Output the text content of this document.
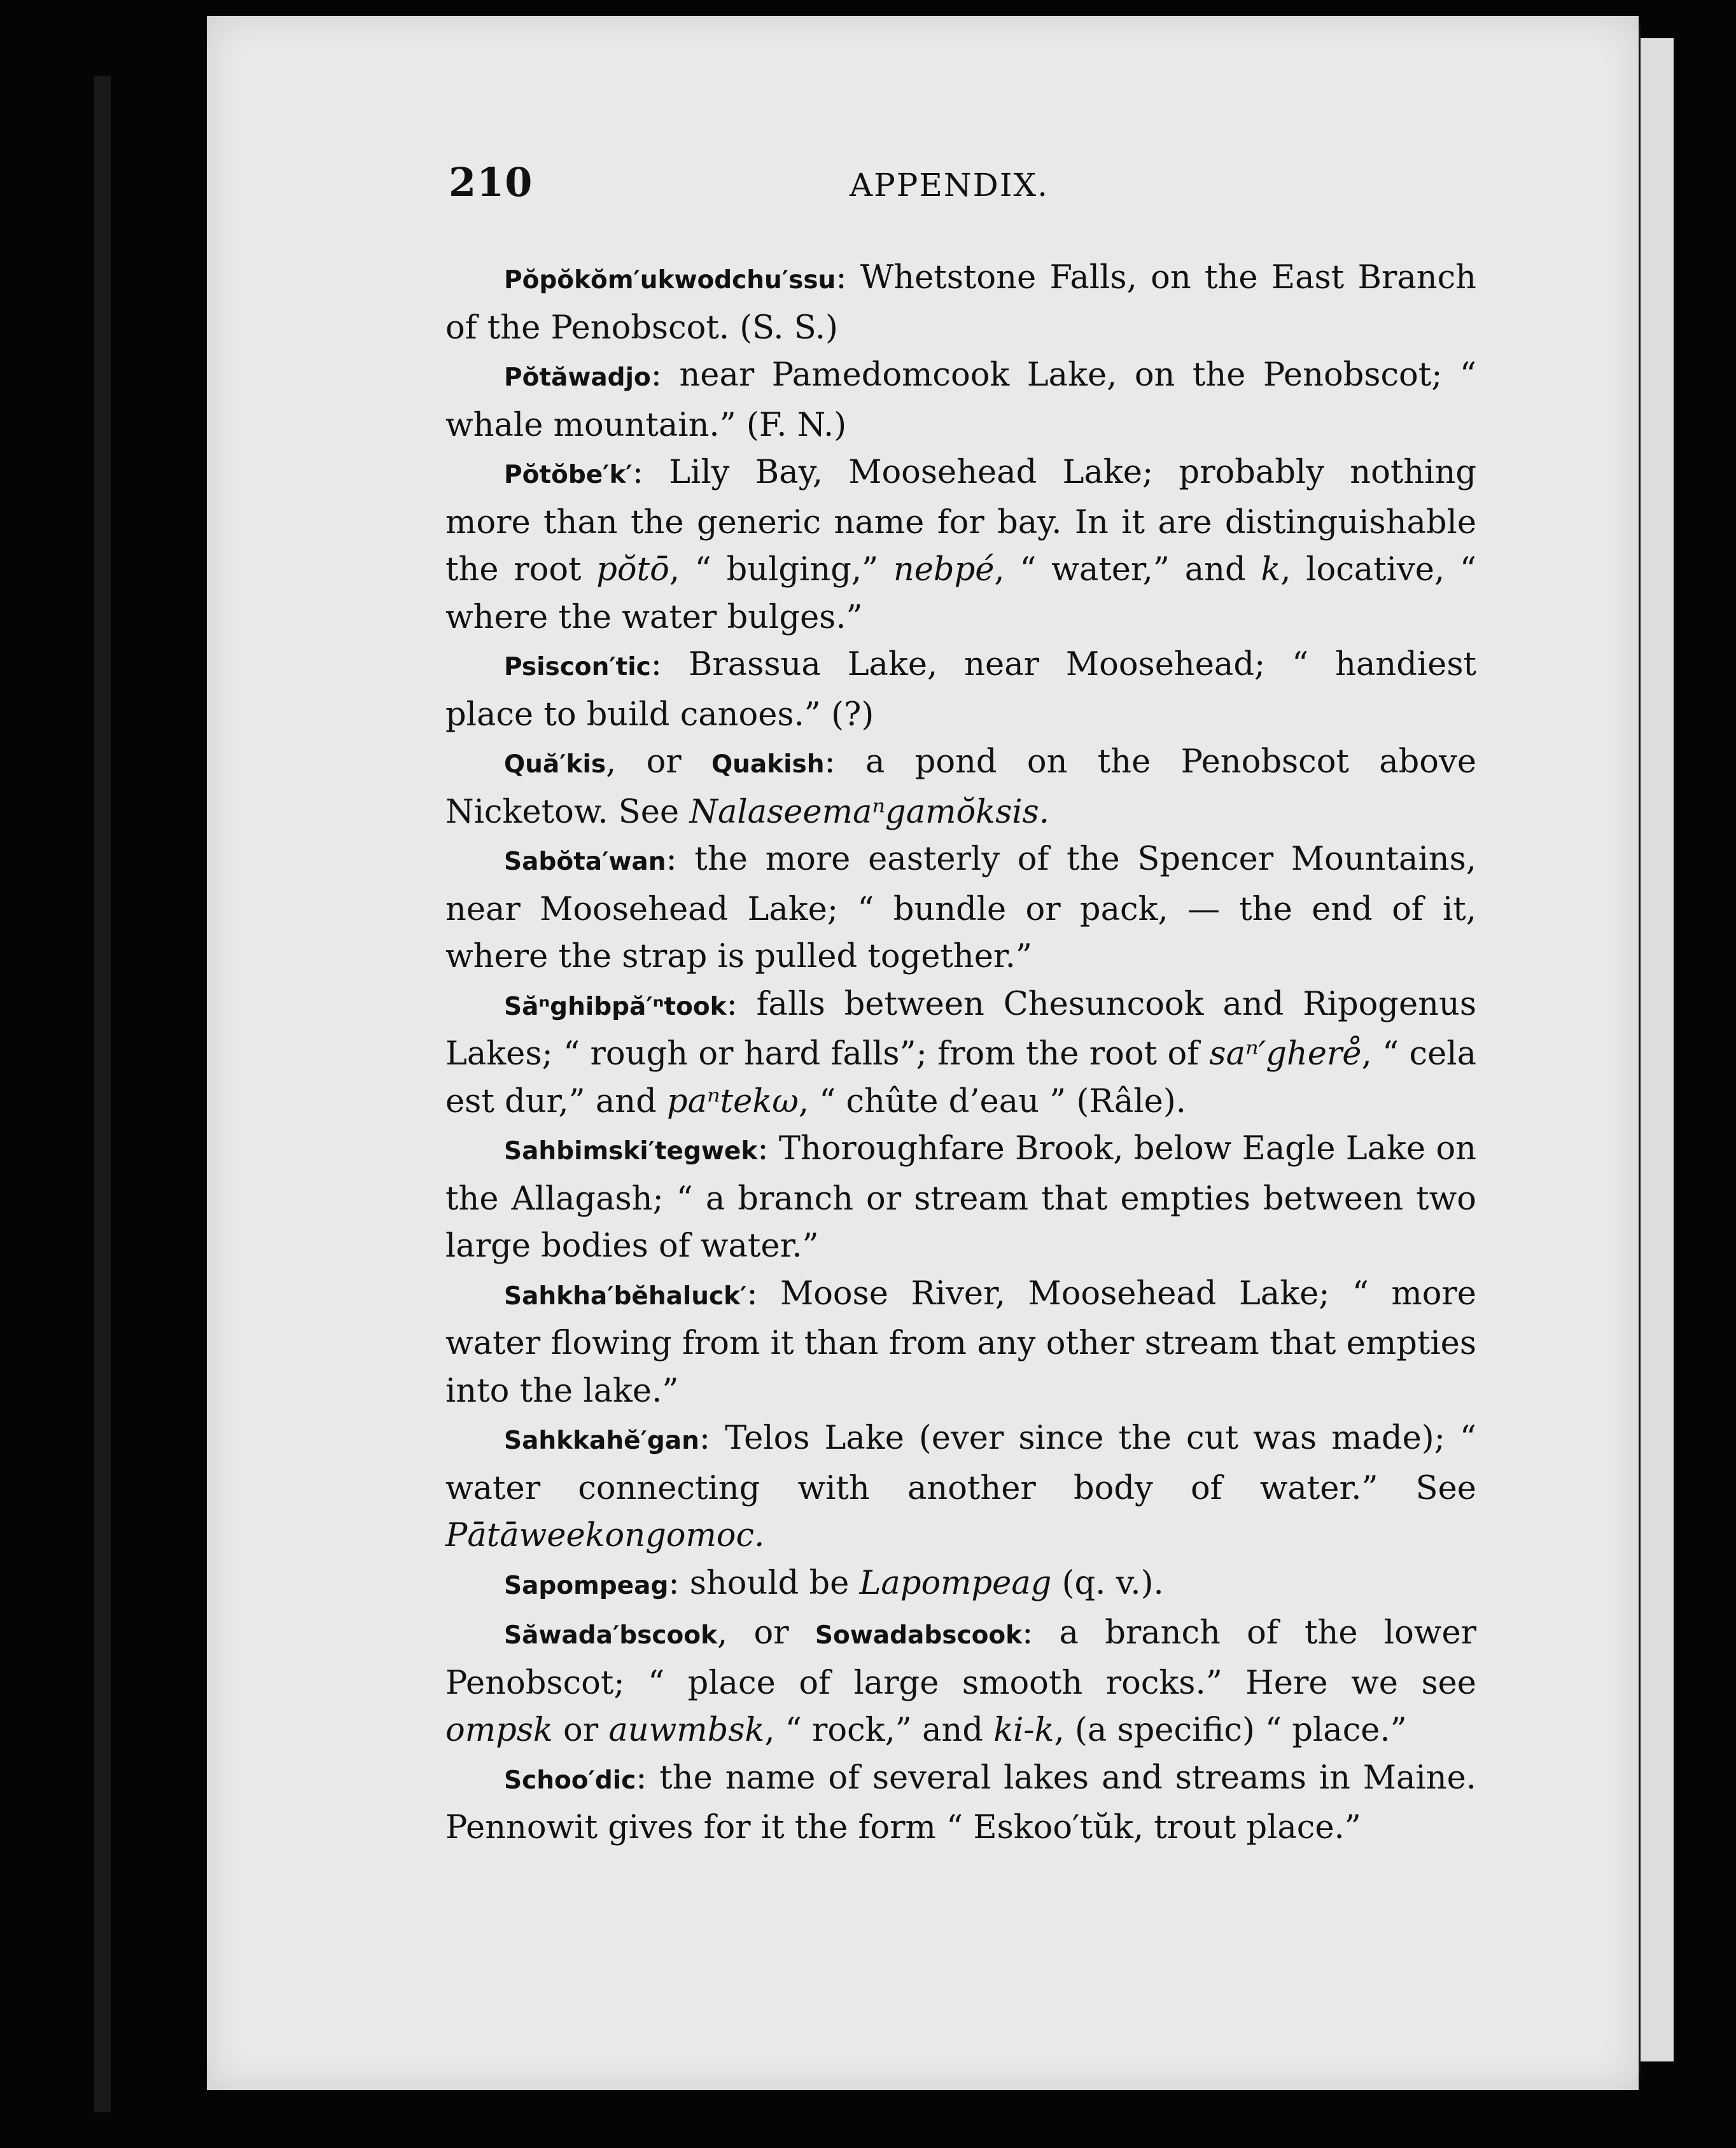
210	APPENDIX.

Pŏpŏkŏm′ukwodchu′ssu: Whetstone Falls, on the East Branch of the Penobscot. (S. S.)

Pŏtăwadjo: near Pamedomcook Lake, on the Penobscot; “ whale mountain.” (F. N.)

Pŏtŏbe′k′: Lily Bay, Moosehead Lake; probably nothing more than the generic name for bay. In it are distinguishable the root pŏtō, “ bulging,” nebpé, “ water,” and k, locative, “ where the water bulges.”

Psiscon′tic: Brassua Lake, near Moosehead; “ handiest place to build canoes.” (?)

Quă′kis, or Quakish: a pond on the Penobscot above Nicketow. See Nalaseemaⁿgamŏksis.

Sabŏta′wan: the more easterly of the Spencer Mountains, near Moosehead Lake; “ bundle or pack, — the end of it, where the strap is pulled together.”

Săⁿghibpă′ⁿtook: falls between Chesuncook and Ripogenus Lakes; “ rough or hard falls”; from the root of saⁿ′ghere̊, “ cela est dur,” and paⁿtekω, “ chûte d’eau ” (Râle).

Sahbimski′tegwek: Thoroughfare Brook, below Eagle Lake on the Allagash; “ a branch or stream that empties between two large bodies of water.”

Sahkha′bĕhaluck′: Moose River, Moosehead Lake; “ more water flowing from it than from any other stream that empties into the lake.”

Sahkkahĕ′gan: Telos Lake (ever since the cut was made); “ water connecting with another body of water.” See Pātāweekongomoc.

Sapompeag: should be Lapompeag (q. v.).

Săwada′bscook, or Sowadabscook: a branch of the lower Penobscot; “ place of large smooth rocks.” Here we see ompsk or auwmbsk, “ rock,” and ki-k, (a specific) “ place.”

Schoo′dic: the name of several lakes and streams in Maine. Pennowit gives for it the form “ Eskoo′tŭk, trout place.”
